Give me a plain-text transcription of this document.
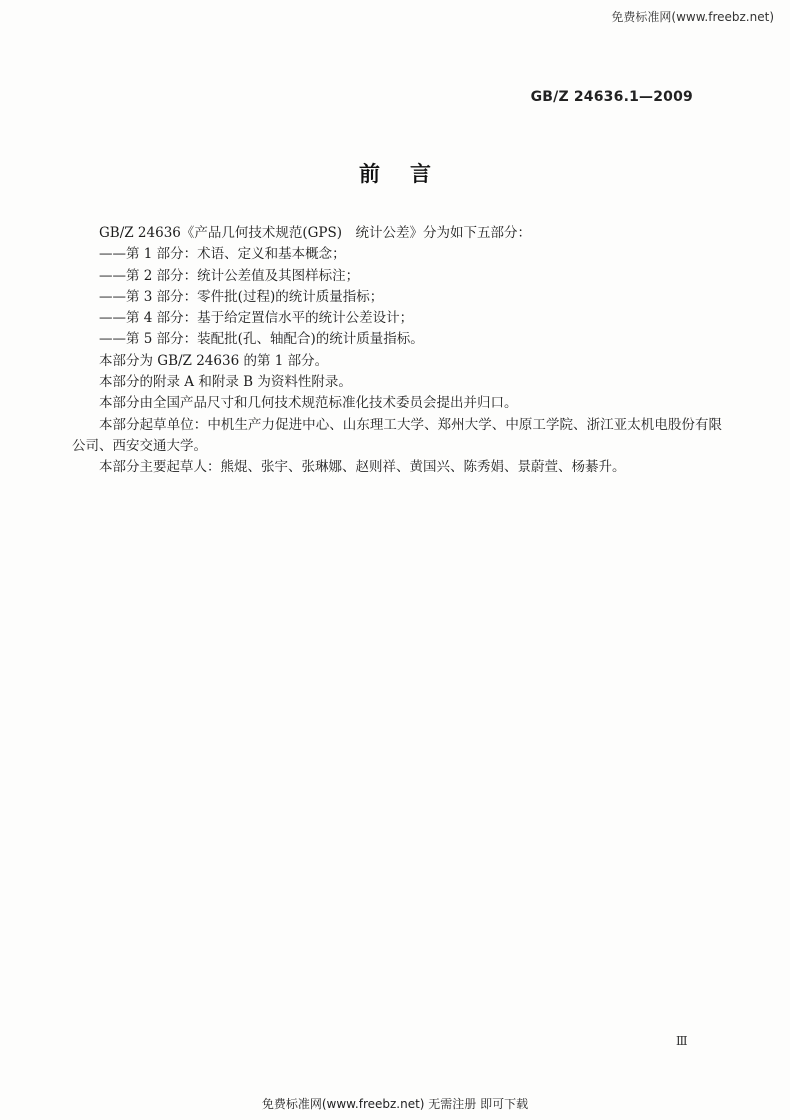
免费标准网(www.freebz.net)
GB/Z 24636.1—2009
前言

GB/Z 24636《产品几何技术规范(GPS)　统计公差》分为如下五部分：

——第 1 部分：术语、定义和基本概念；

——第 2 部分：统计公差值及其图样标注；

——第 3 部分：零件批(过程)的统计质量指标；

——第 4 部分：基于给定置信水平的统计公差设计；

——第 5 部分：装配批(孔、轴配合)的统计质量指标。

本部分为 GB/Z 24636 的第 1 部分。

本部分的附录 A 和附录 B 为资料性附录。

本部分由全国产品尺寸和几何技术规范标准化技术委员会提出并归口。

本部分起草单位：中机生产力促进中心、山东理工大学、郑州大学、中原工学院、浙江亚太机电股份有限公司、西安交通大学。

本部分主要起草人：熊焜、张宇、张琳娜、赵则祥、黄国兴、陈秀娟、景蔚萱、杨綦升。

Ⅲ
免费标准网(www.freebz.net) 无需注册 即可下载
